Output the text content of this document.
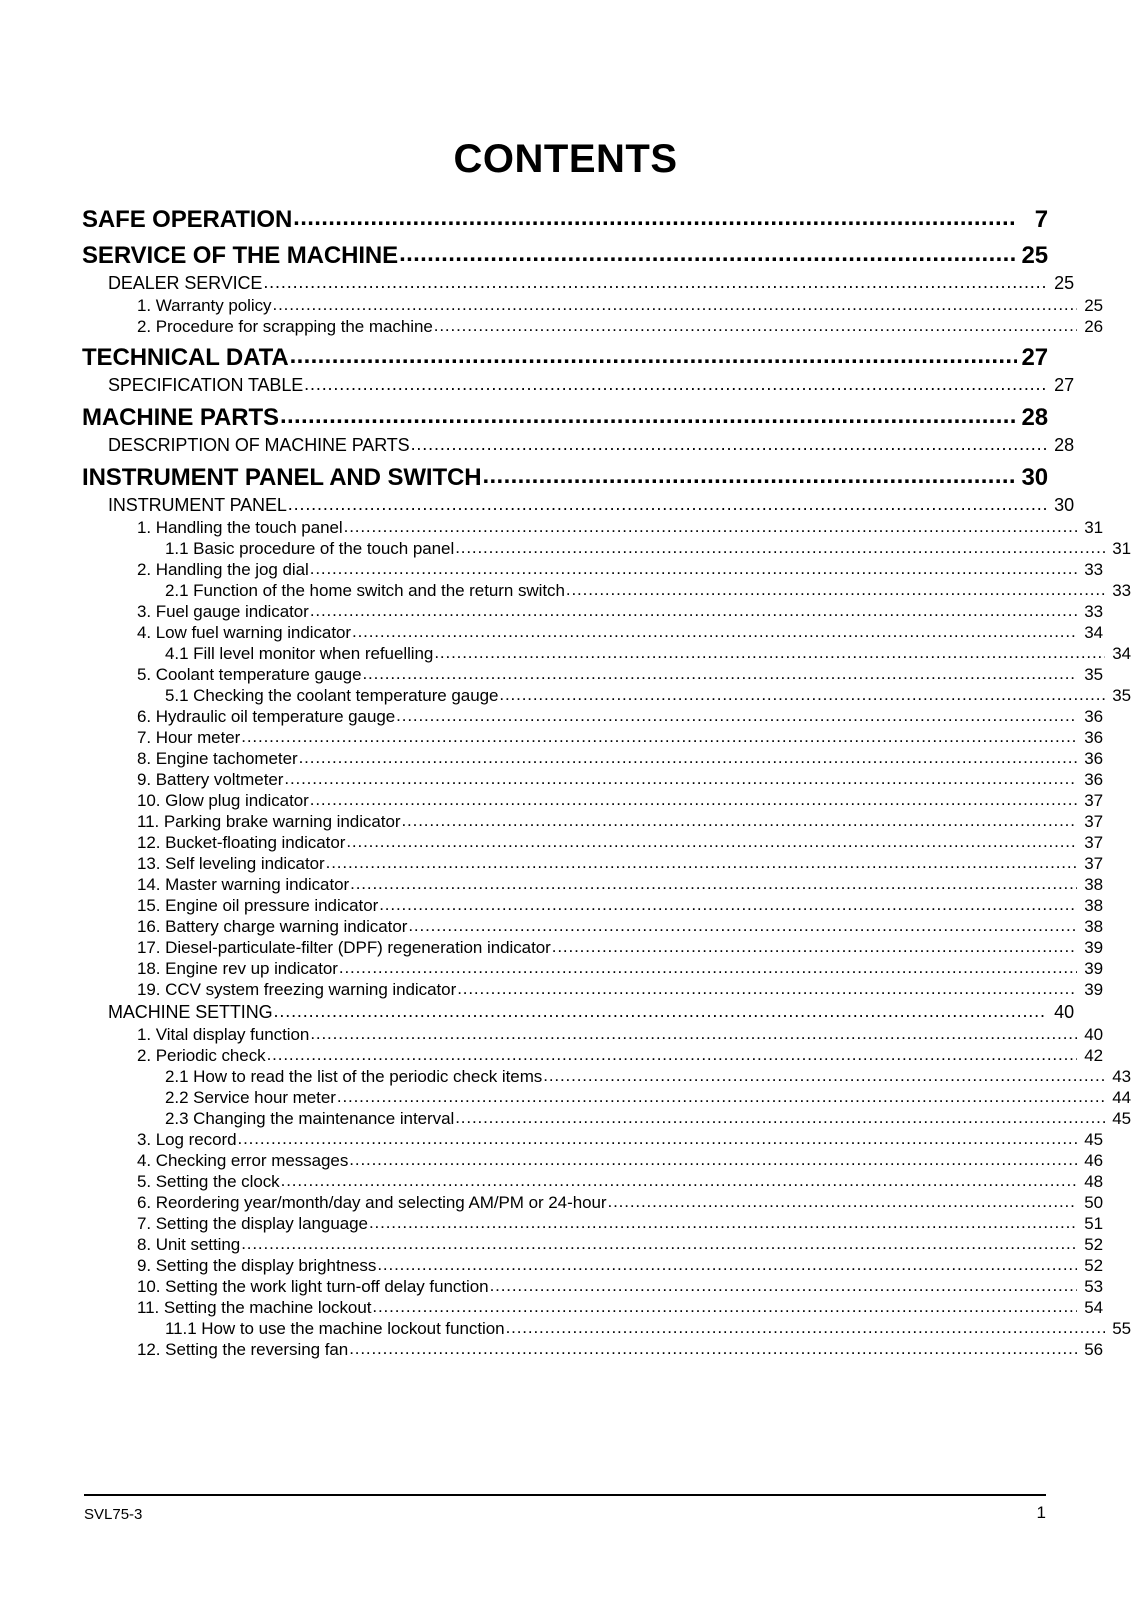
CONTENTS
SAFE OPERATION .....	7
SERVICE OF THE MACHINE .....	25
DEALER SERVICE .....	25
1. Warranty policy .....	25
2. Procedure for scrapping the machine .....	26
TECHNICAL DATA .....	27
SPECIFICATION TABLE .....	27
MACHINE PARTS .....	28
DESCRIPTION OF MACHINE PARTS .....	28
INSTRUMENT PANEL AND SWITCH .....	30
INSTRUMENT PANEL .....	30
1. Handling the touch panel .....	31
1.1 Basic procedure of the touch panel .....	31
2. Handling the jog dial .....	33
2.1 Function of the home switch and the return switch .....	33
3. Fuel gauge indicator .....	33
4. Low fuel warning indicator .....	34
4.1 Fill level monitor when refuelling .....	34
5. Coolant temperature gauge .....	35
5.1 Checking the coolant temperature gauge .....	35
6. Hydraulic oil temperature gauge .....	36
7. Hour meter .....	36
8. Engine tachometer .....	36
9. Battery voltmeter .....	36
10. Glow plug indicator .....	37
11. Parking brake warning indicator .....	37
12. Bucket-floating indicator .....	37
13. Self leveling indicator .....	37
14. Master warning indicator .....	38
15. Engine oil pressure indicator .....	38
16. Battery charge warning indicator .....	38
17. Diesel-particulate-filter (DPF) regeneration indicator .....	39
18. Engine rev up indicator .....	39
19. CCV system freezing warning indicator .....	39
MACHINE SETTING .....	40
1. Vital display function .....	40
2. Periodic check .....	42
2.1 How to read the list of the periodic check items .....	43
2.2 Service hour meter .....	44
2.3 Changing the maintenance interval .....	45
3. Log record .....	45
4. Checking error messages .....	46
5. Setting the clock .....	48
6. Reordering year/month/day and selecting AM/PM or 24-hour .....	50
7. Setting the display language .....	51
8. Unit setting .....	52
9. Setting the display brightness .....	52
10. Setting the work light turn-off delay function .....	53
11. Setting the machine lockout .....	54
11.1 How to use the machine lockout function .....	55
12. Setting the reversing fan .....	56
SVL75-3	1
